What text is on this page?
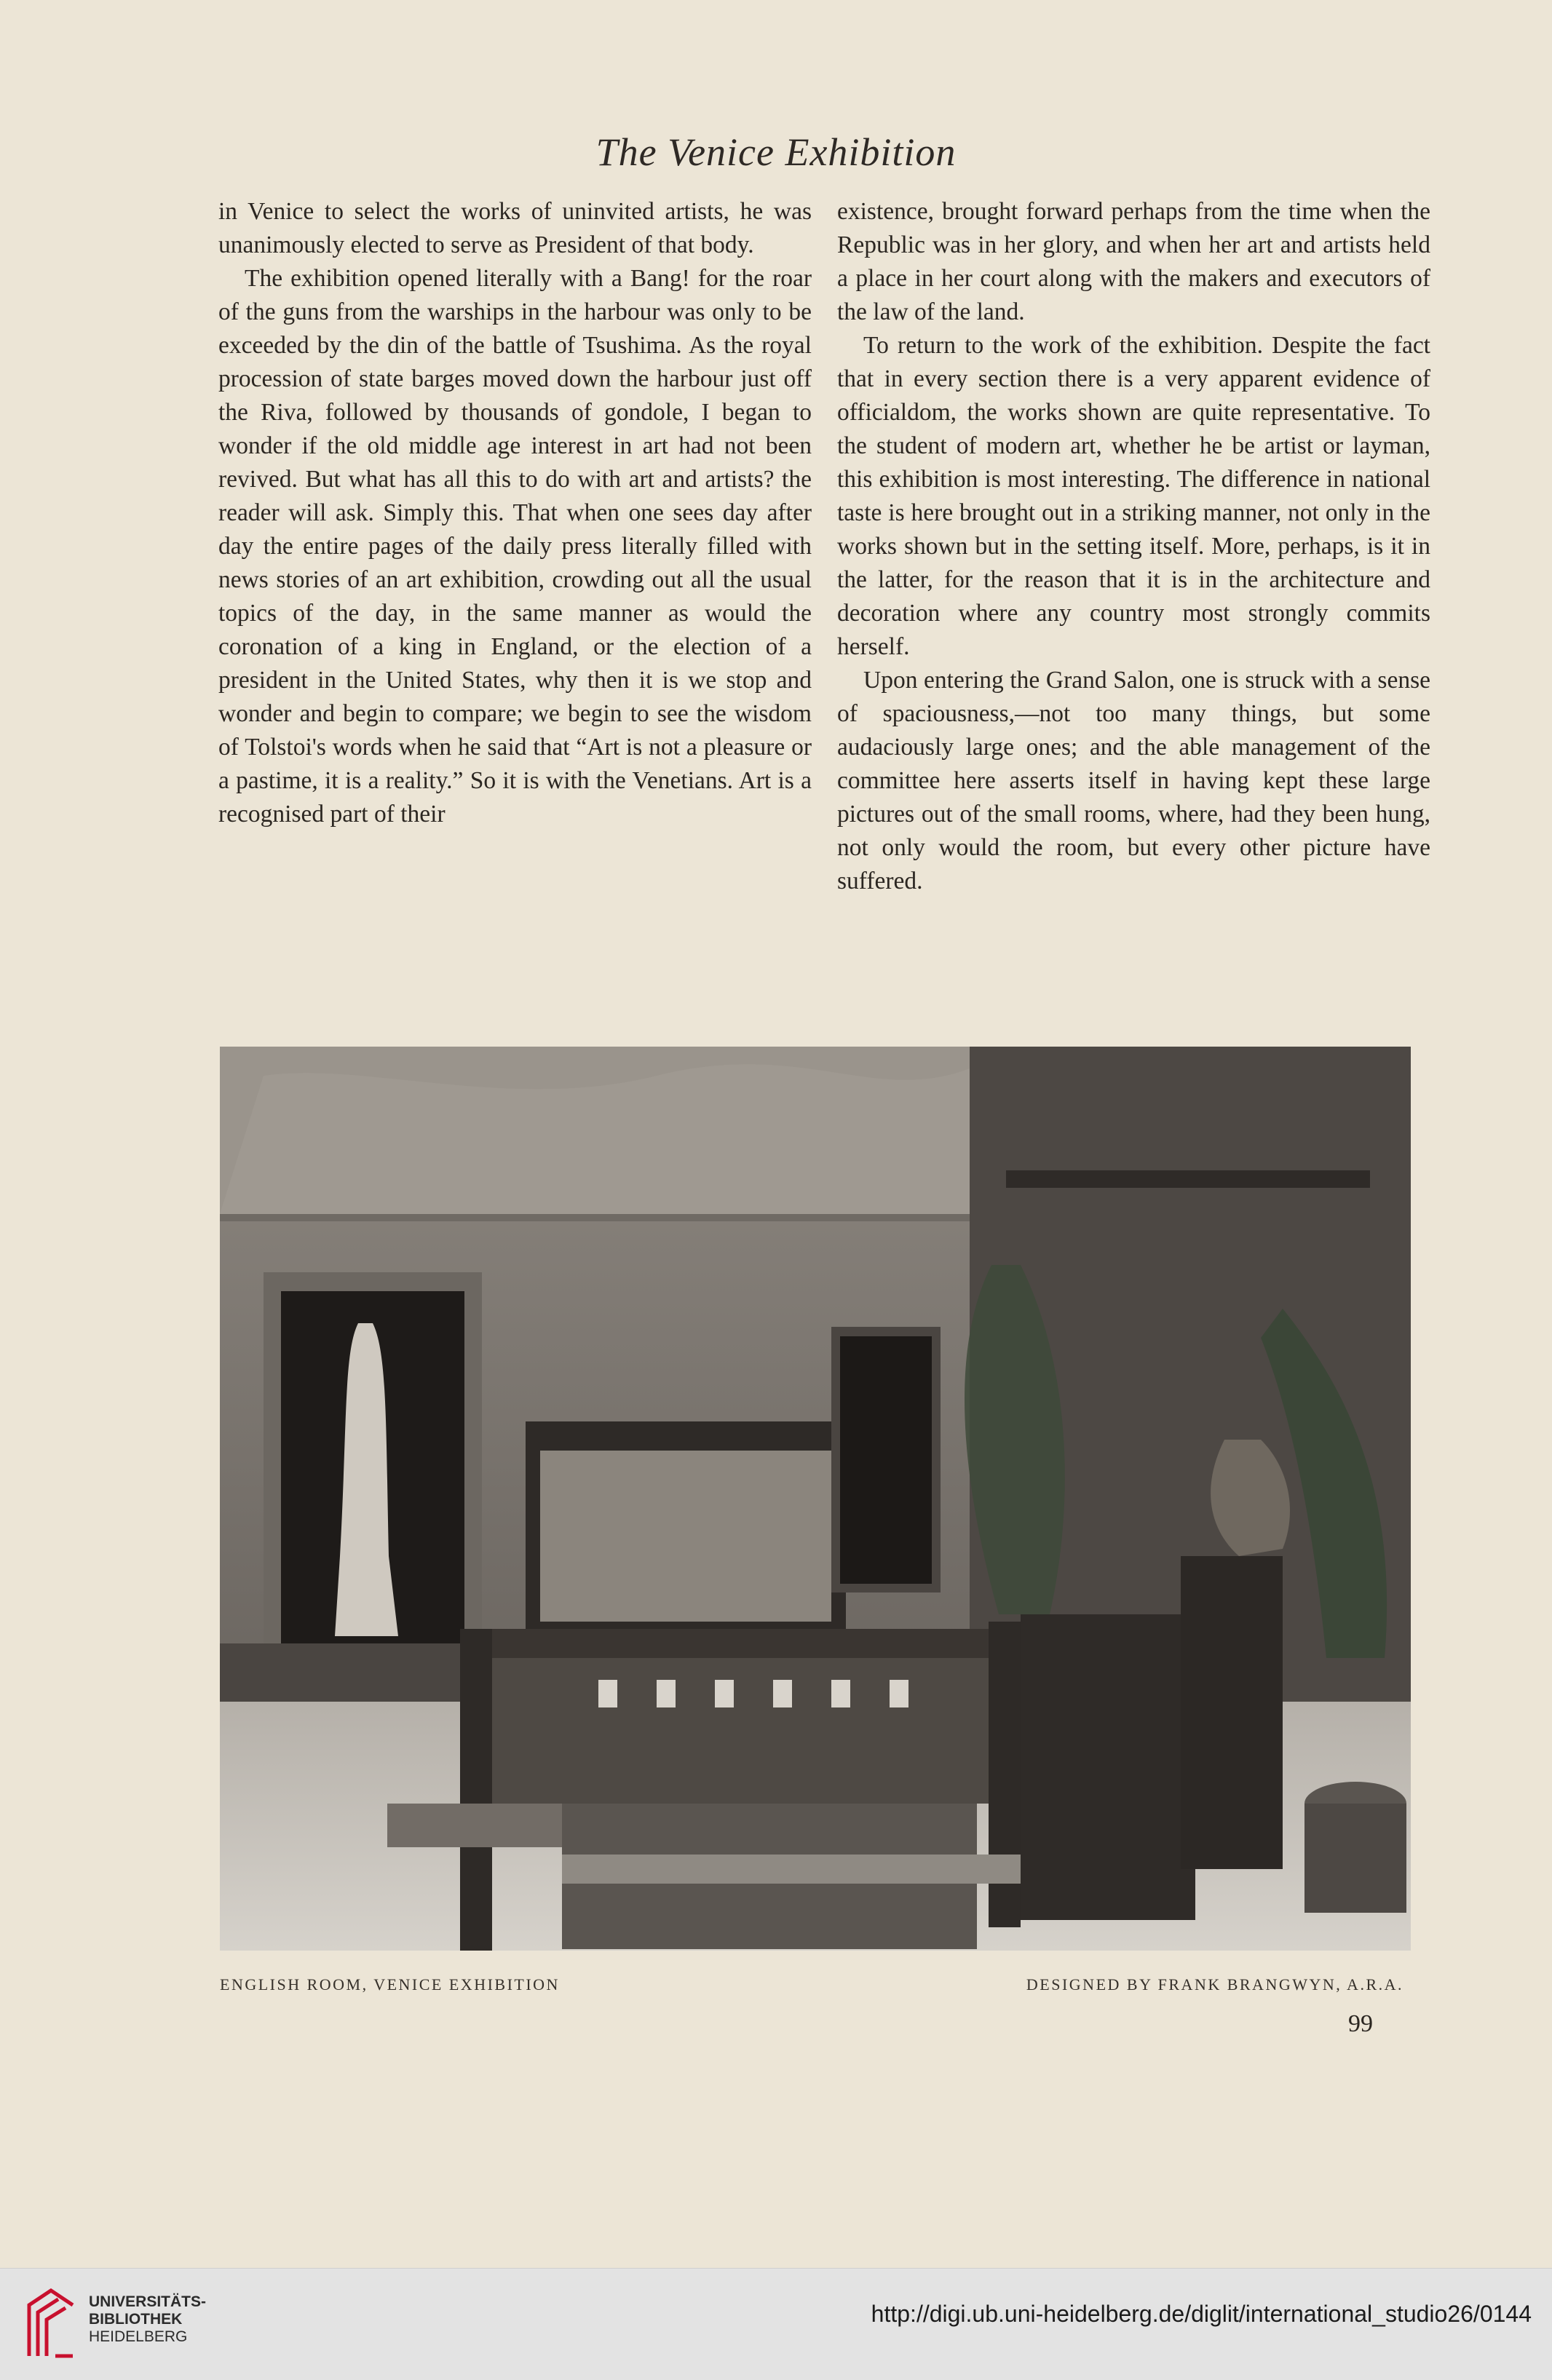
The Venice Exhibition

in Venice to select the works of uninvited artists, he was unanimously elected to serve as President of that body.

The exhibition opened literally with a Bang! for the roar of the guns from the warships in the harbour was only to be exceeded by the din of the battle of Tsushima. As the royal procession of state barges moved down the harbour just off the Riva, followed by thousands of gondole, I began to wonder if the old middle age interest in art had not been revived. But what has all this to do with art and artists? the reader will ask. Simply this. That when one sees day after day the entire pages of the daily press literally filled with news stories of an art exhibition, crowding out all the usual topics of the day, in the same manner as would the coronation of a king in England, or the election of a president in the United States, why then it is we stop and wonder and begin to compare; we begin to see the wisdom of Tolstoi's words when he said that “Art is not a pleasure or a pastime, it is a reality.” So it is with the Venetians. Art is a recognised part of their

existence, brought forward perhaps from the time when the Republic was in her glory, and when her art and artists held a place in her court along with the makers and executors of the law of the land.

To return to the work of the exhibition. Despite the fact that in every section there is a very apparent evidence of officialdom, the works shown are quite representative. To the student of modern art, whether he be artist or layman, this exhibition is most interesting. The difference in national taste is here brought out in a striking manner, not only in the works shown but in the setting itself. More, perhaps, is it in the latter, for the reason that it is in the architecture and decoration where any country most strongly commits herself.

Upon entering the Grand Salon, one is struck with a sense of spaciousness,—not too many things, but some audaciously large ones; and the able management of the committee here asserts itself in having kept these large pictures out of the small rooms, where, had they been hung, not only would the room, but every other picture have suffered.

ENGLISH ROOM, VENICE EXHIBITION	DESIGNED BY FRANK BRANGWYN, A.R.A.
99
UNIVERSITÄTS-
BIBLIOTHEK
HEIDELBERG
http://digi.ub.uni-heidelberg.de/diglit/international_studio26/0144
